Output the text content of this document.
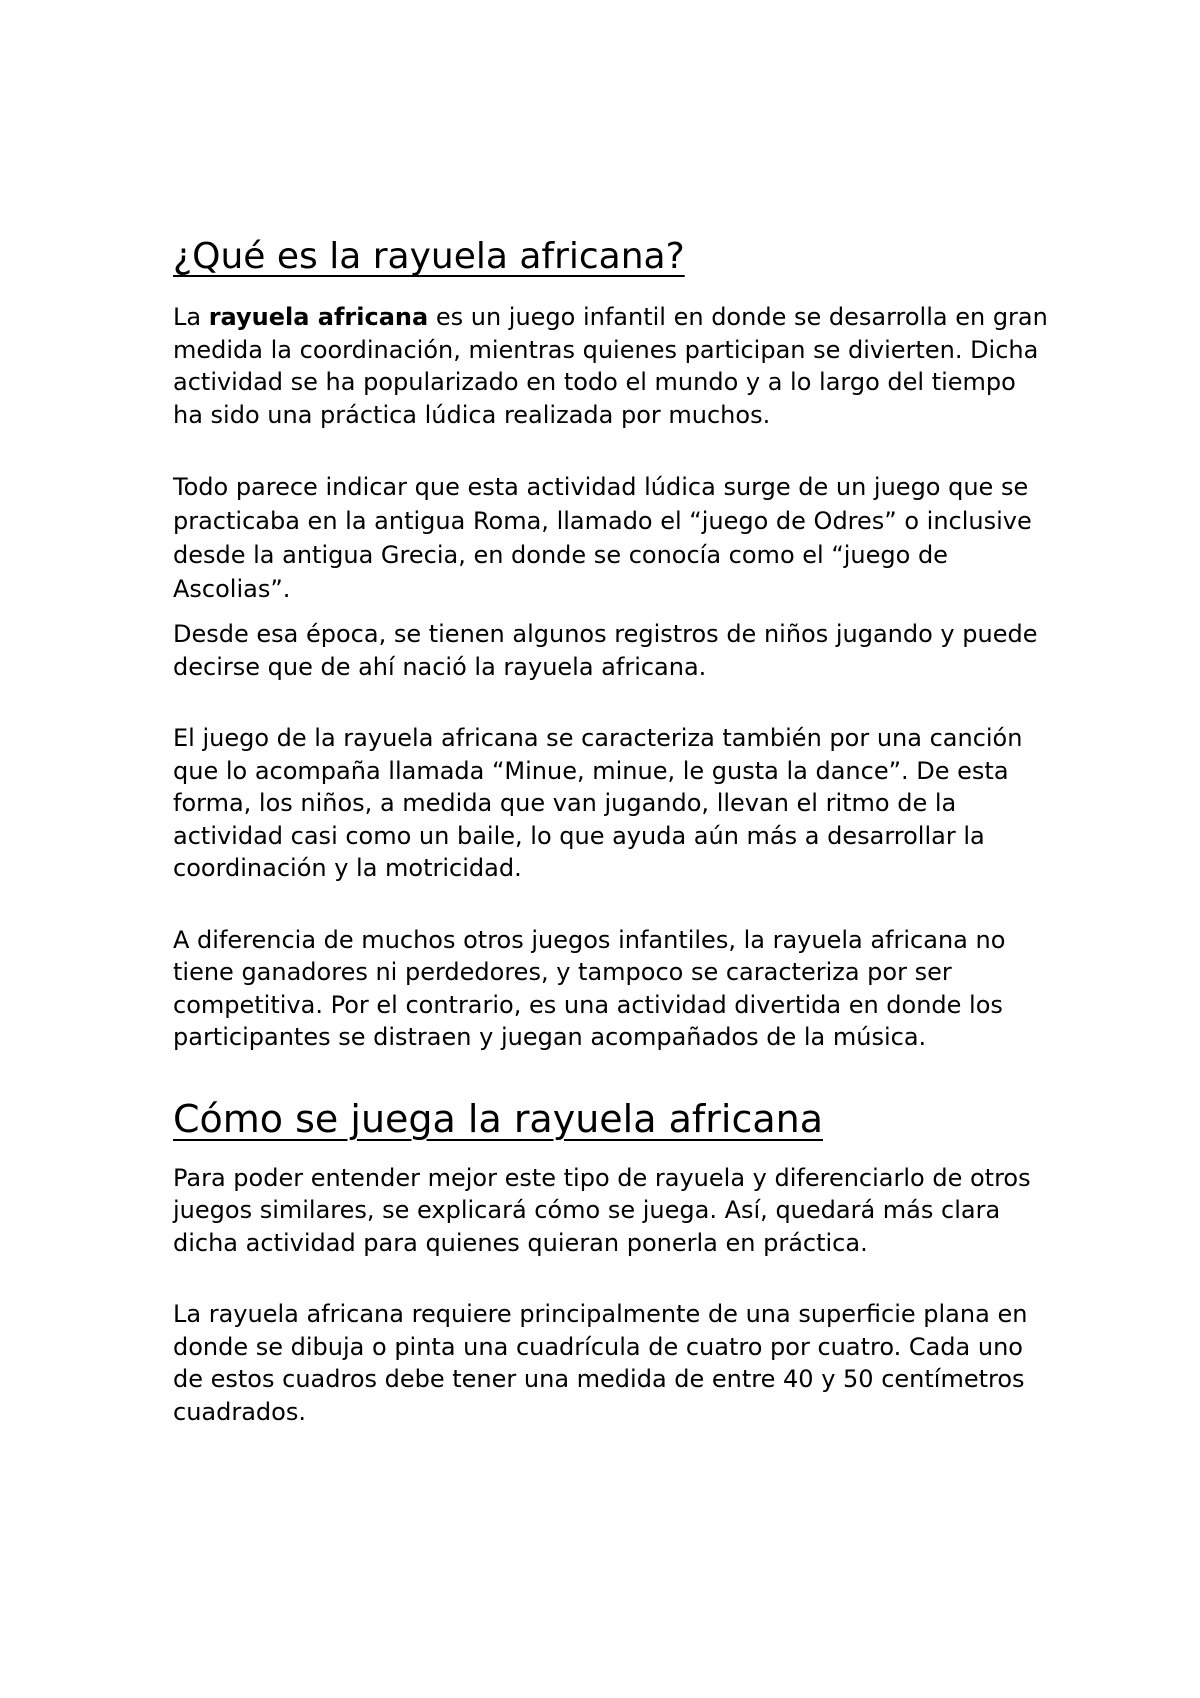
¿Qué es la rayuela africana?

La rayuela africana es un juego infantil en donde se desarrolla en gran medida la coordinación, mientras quienes participan se divierten. Dicha actividad se ha popularizado en todo el mundo y a lo largo del tiempo ha sido una práctica lúdica realizada por muchos.

Todo parece indicar que esta actividad lúdica surge de un juego que se practicaba en la antigua Roma, llamado el “juego de Odres” o inclusive desde la antigua Grecia, en donde se conocía como el “juego de Ascolias”.

Desde esa época, se tienen algunos registros de niños jugando y puede decirse que de ahí nació la rayuela africana.

El juego de la rayuela africana se caracteriza también por una canción que lo acompaña llamada “Minue, minue, le gusta la dance”. De esta forma, los niños, a medida que van jugando, llevan el ritmo de la actividad casi como un baile, lo que ayuda aún más a desarrollar la coordinación y la motricidad.

A diferencia de muchos otros juegos infantiles, la rayuela africana no tiene ganadores ni perdedores, y tampoco se caracteriza por ser competitiva. Por el contrario, es una actividad divertida en donde los participantes se distraen y juegan acompañados de la música.

Cómo se juega la rayuela africana

Para poder entender mejor este tipo de rayuela y diferenciarlo de otros juegos similares, se explicará cómo se juega. Así, quedará más clara dicha actividad para quienes quieran ponerla en práctica.

La rayuela africana requiere principalmente de una superficie plana en donde se dibuja o pinta una cuadrícula de cuatro por cuatro. Cada uno de estos cuadros debe tener una medida de entre 40 y 50 centímetros cuadrados.
